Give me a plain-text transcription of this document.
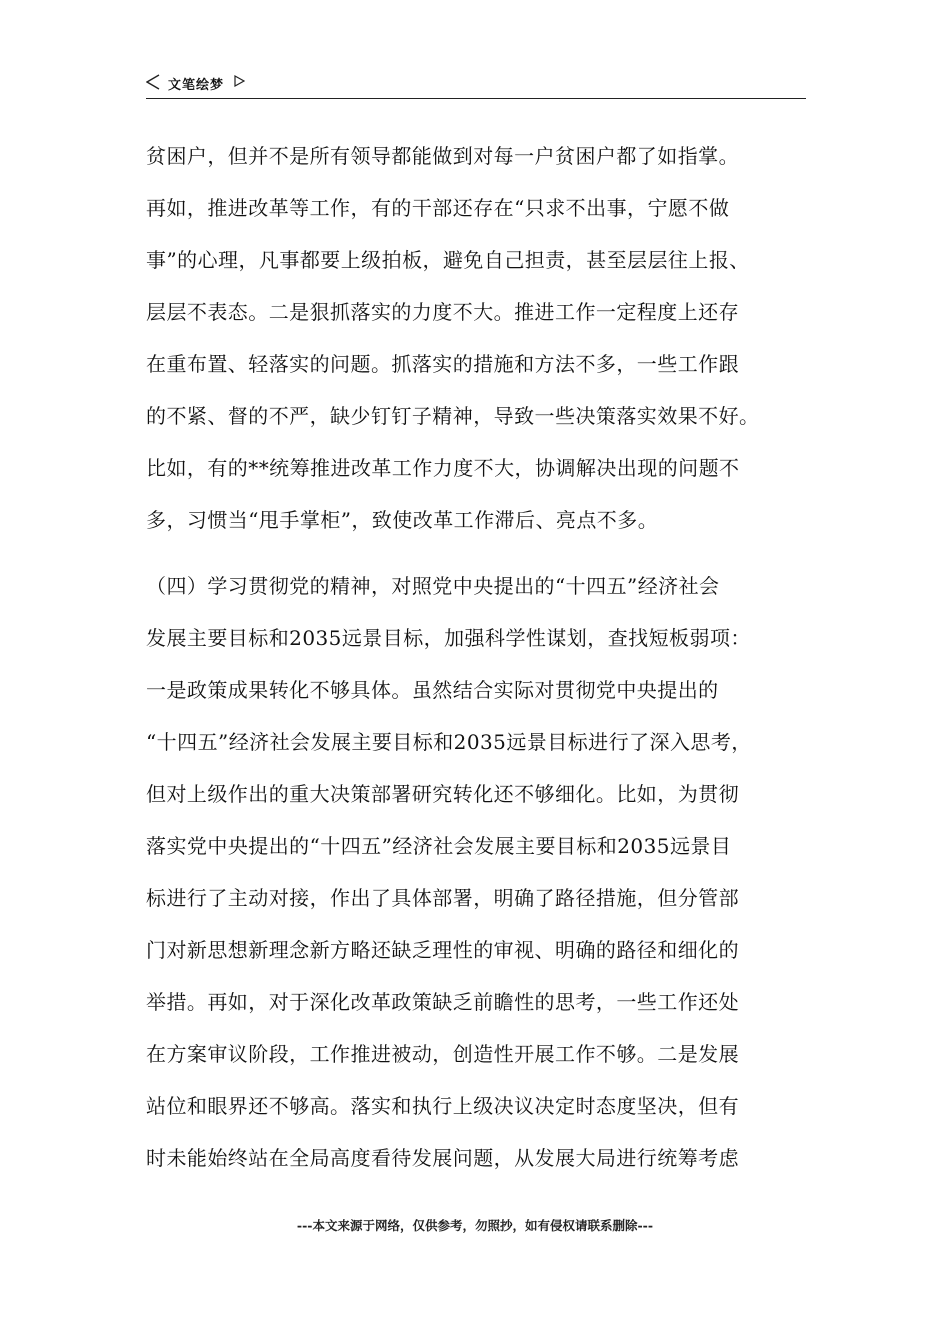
文笔绘梦
贫困户，但并不是所有领导都能做到对每一户贫困户都了如指掌。
再如，推进改革等工作，有的干部还存在“只求不出事，宁愿不做
事”的心理，凡事都要上级拍板，避免自己担责，甚至层层往上报、
层层不表态。二是狠抓落实的力度不大。推进工作一定程度上还存
在重布置、轻落实的问题。抓落实的措施和方法不多，一些工作跟
的不紧、督的不严，缺少钉钉子精神，导致一些决策落实效果不好。
比如，有的**统筹推进改革工作力度不大，协调解决出现的问题不
多，习惯当“甩手掌柜”，致使改革工作滞后、亮点不多。
（四）学习贯彻党的精神，对照党中央提出的“十四五”经济社会
发展主要目标和2035远景目标，加强科学性谋划，查找短板弱项：
一是政策成果转化不够具体。虽然结合实际对贯彻党中央提出的
“十四五”经济社会发展主要目标和2035远景目标进行了深入思考，
但对上级作出的重大决策部署研究转化还不够细化。比如，为贯彻
落实党中央提出的“十四五”经济社会发展主要目标和2035远景目
标进行了主动对接，作出了具体部署，明确了路径措施，但分管部
门对新思想新理念新方略还缺乏理性的审视、明确的路径和细化的
举措。再如，对于深化改革政策缺乏前瞻性的思考，一些工作还处
在方案审议阶段，工作推进被动，创造性开展工作不够。二是发展
站位和眼界还不够高。落实和执行上级决议决定时态度坚决，但有
时未能始终站在全局高度看待发展问题，从发展大局进行统筹考虑
---本文来源于网络，仅供参考，勿照抄，如有侵权请联系删除---
